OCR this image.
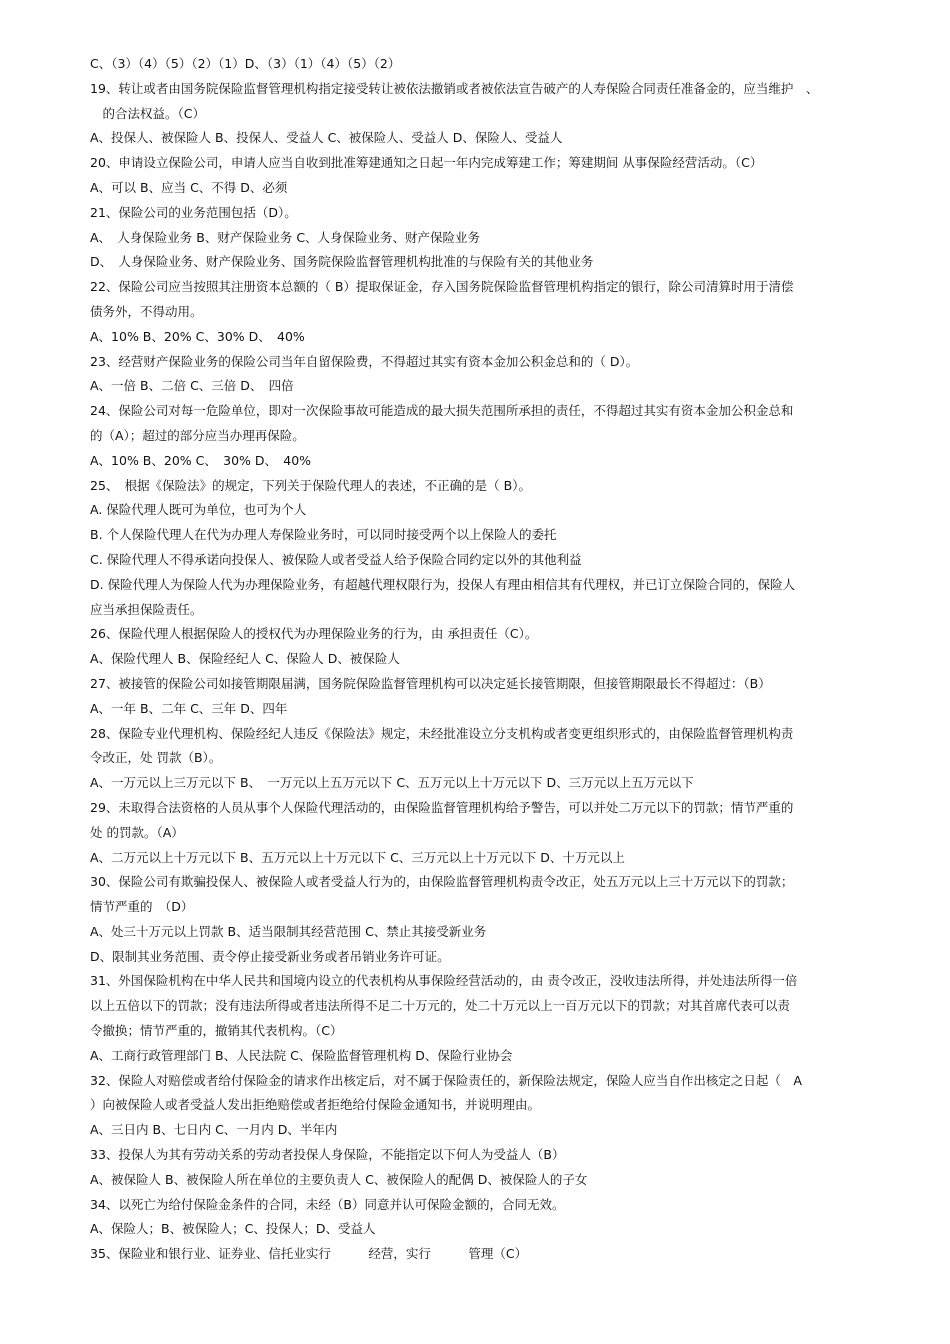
C、（3）（4）（5）（2）（1）D、（3）（1）（4）（5）（2）
19、转让或者由国务院保险监督管理机构指定接受转让被依法撤销或者被依法宣告破产的人寿保险合同责任准备金的，应当维护　、
　的合法权益。（C）
A、投保人、被保险人 B、投保人、受益人 C、被保险人、受益人 D、保险人、受益人
20、申请设立保险公司，申请人应当自收到批准筹建通知之日起一年内完成筹建工作；筹建期间 从事保险经营活动。（C）
A、可以 B、应当 C、不得 D、必须
21、保险公司的业务范围包括（D）。
A、　人身保险业务 B、财产保险业务 C、人身保险业务、财产保险业务
D、　人身保险业务、财产保险业务、国务院保险监督管理机构批准的与保险有关的其他业务
22、保险公司应当按照其注册资本总额的（ B）提取保证金，存入国务院保险监督管理机构指定的银行，除公司清算时用于清偿
债务外，不得动用。
A、10% B、20% C、30% D、　40%
23、经营财产保险业务的保险公司当年自留保险费，不得超过其实有资本金加公积金总和的（ D）。
A、一倍 B、二倍 C、三倍 D、　四倍
24、保险公司对每一危险单位，即对一次保险事故可能造成的最大损失范围所承担的责任，不得超过其实有资本金加公积金总和
的（A）；超过的部分应当办理再保险。
A、10% B、20% C、　30% D、　40%
25、　根据《保险法》的规定，下列关于保险代理人的表述，不正确的是（ B）。
A. 保险代理人既可为单位，也可为个人
B. 个人保险代理人在代为办理人寿保险业务时，可以同时接受两个以上保险人的委托
C. 保险代理人不得承诺向投保人、被保险人或者受益人给予保险合同约定以外的其他利益
D. 保险代理人为保险人代为办理保险业务，有超越代理权限行为，投保人有理由相信其有代理权，并已订立保险合同的，保险人
应当承担保险责任。
26、保险代理人根据保险人的授权代为办理保险业务的行为，由 承担责任（C）。
A、保险代理人 B、保险经纪人 C、保险人 D、被保险人
27、被接管的保险公司如接管期限届满，国务院保险监督管理机构可以决定延长接管期限，但接管期限最长不得超过：（B）
A、一年 B、二年 C、三年 D、四年
28、保险专业代理机构、保险经纪人违反《保险法》规定，未经批准设立分支机构或者变更组织形式的，由保险监督管理机构责
令改正，处 罚款（B）。
A、一万元以上三万元以下 B、　一万元以上五万元以下 C、五万元以上十万元以下 D、三万元以上五万元以下
29、未取得合法资格的人员从事个人保险代理活动的，由保险监督管理机构给予警告，可以并处二万元以下的罚款；情节严重的
处 的罚款。（A）
A、二万元以上十万元以下 B、五万元以上十万元以下 C、三万元以上十万元以下 D、十万元以上
30、保险公司有欺骗投保人、被保险人或者受益人行为的，由保险监督管理机构责令改正，处五万元以上三十万元以下的罚款；
情节严重的　（D）
A、处三十万元以上罚款 B、适当限制其经营范围 C、禁止其接受新业务
D、限制其业务范围、责令停止接受新业务或者吊销业务许可证。
31、外国保险机构在中华人民共和国境内设立的代表机构从事保险经营活动的，由 责令改正，没收违法所得，并处违法所得一倍
以上五倍以下的罚款；没有违法所得或者违法所得不足二十万元的，处二十万元以上一百万元以下的罚款；对其首席代表可以责
令撤换；情节严重的，撤销其代表机构。（C）
A、工商行政管理部门 B、人民法院 C、保险监督管理机构 D、保险行业协会
32、保险人对赔偿或者给付保险金的请求作出核定后，对不属于保险责任的，新保险法规定，保险人应当自作出核定之日起（　A
）向被保险人或者受益人发出拒绝赔偿或者拒绝给付保险金通知书，并说明理由。
A、三日内 B、七日内 C、一月内 D、半年内
33、投保人为其有劳动关系的劳动者投保人身保险，不能指定以下何人为受益人（B）
A、被保险人 B、被保险人所在单位的主要负责人 C、被保险人的配偶 D、被保险人的子女
34、以死亡为给付保险金条件的合同，未经（B）同意并认可保险金额的，合同无效。
A、保险人；B、被保险人；C、投保人；D、受益人
35、保险业和银行业、证券业、信托业实行　　　经营，实行　　　管理（C）
